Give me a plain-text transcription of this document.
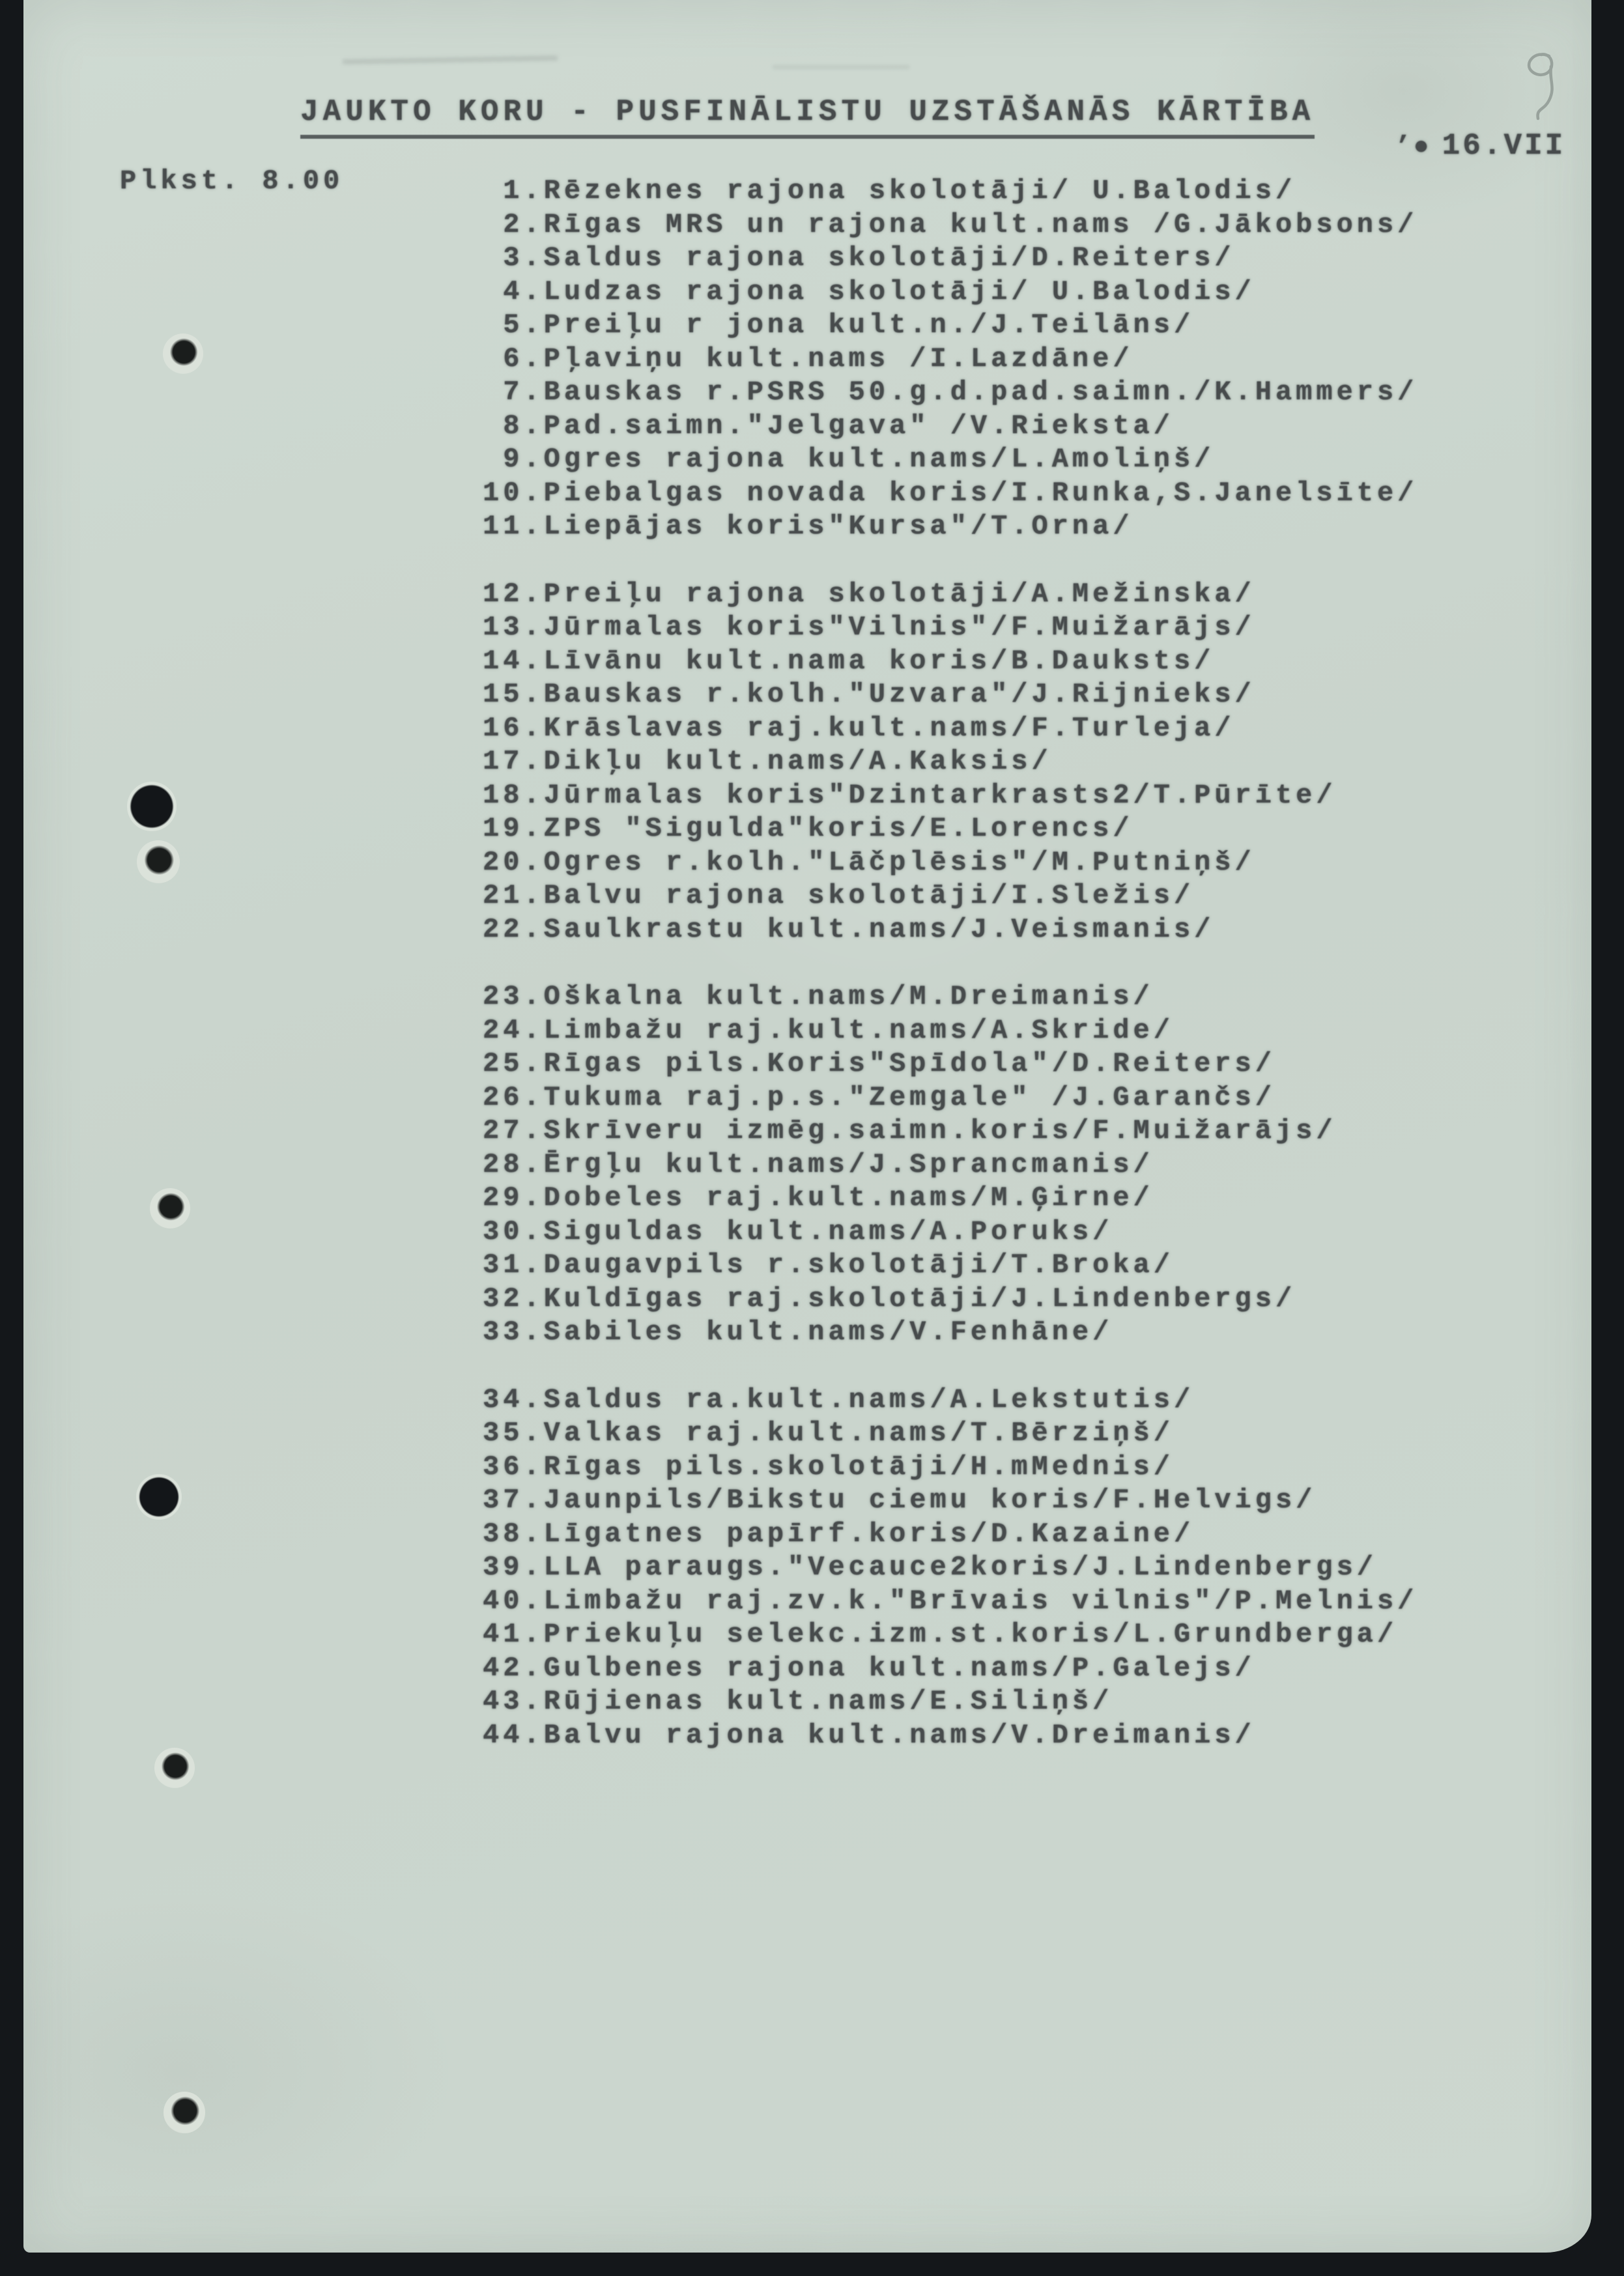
JAUKTO KORU - PUSFINĀLISTU UZSTĀŠANĀS KĀRTĪBA

’● 16.VII

Plkst. 8.00	1.Rēzeknes rajona skolotāji/ U.Balodis/
2.Rīgas MRS un rajona kult.nams /G.Jākobsons/
3.Saldus rajona skolotāji/D.Reiters/
4.Ludzas rajona skolotāji/ U.Balodis/
5.Preiļu r jona kult.n./J.Teilāns/
6.Pļaviņu kult.nams /I.Lazdāne/
7.Bauskas r.PSRS 50.g.d.pad.saimn./K.Hammers/
8.Pad.saimn."Jelgava" /V.Rieksta/
9.Ogres rajona kult.nams/L.Amoliņš/
10.Piebalgas novada koris/I.Runka,S.Janelsīte/
11.Liepājas koris"Kursa"/T.Orna/
12.Preiļu rajona skolotāji/A.Mežinska/
13.Jūrmalas koris"Vilnis"/F.Muižarājs/
14.Līvānu kult.nama koris/B.Dauksts/
15.Bauskas r.kolh."Uzvara"/J.Rijnieks/
16.Krāslavas raj.kult.nams/F.Turleja/
17.Dikļu kult.nams/A.Kaksis/
18.Jūrmalas koris"Dzintarkrasts2/T.Pūrīte/
19.ZPS "Sigulda"koris/E.Lorencs/
20.Ogres r.kolh."Lāčplēsis"/M.Putniņš/
21.Balvu rajona skolotāji/I.Sležis/
22.Saulkrastu kult.nams/J.Veismanis/
23.Oškalna kult.nams/M.Dreimanis/
24.Limbažu raj.kult.nams/A.Skride/
25.Rīgas pils.Koris"Spīdola"/D.Reiters/
26.Tukuma raj.p.s."Zemgale" /J.Garančs/
27.Skrīveru izmēg.saimn.koris/F.Muižarājs/
28.Ērgļu kult.nams/J.Sprancmanis/
29.Dobeles raj.kult.nams/M.Ģirne/
30.Siguldas kult.nams/A.Poruks/
31.Daugavpils r.skolotāji/T.Broka/
32.Kuldīgas raj.skolotāji/J.Lindenbergs/
33.Sabiles kult.nams/V.Fenhāne/
34.Saldus ra.kult.nams/A.Lekstutis/
35.Valkas raj.kult.nams/T.Bērziņš/
36.Rīgas pils.skolotāji/H.mMednis/
37.Jaunpils/Bikstu ciemu koris/F.Helvigs/
38.Līgatnes papīrf.koris/D.Kazaine/
39.LLA paraugs."Vecauce2koris/J.Lindenbergs/
40.Limbažu raj.zv.k."Brīvais vilnis"/P.Melnis/
41.Priekuļu selekc.izm.st.koris/L.Grundberga/
42.Gulbenes rajona kult.nams/P.Galejs/
43.Rūjienas kult.nams/E.Siliņš/
44.Balvu rajona kult.nams/V.Dreimanis/
